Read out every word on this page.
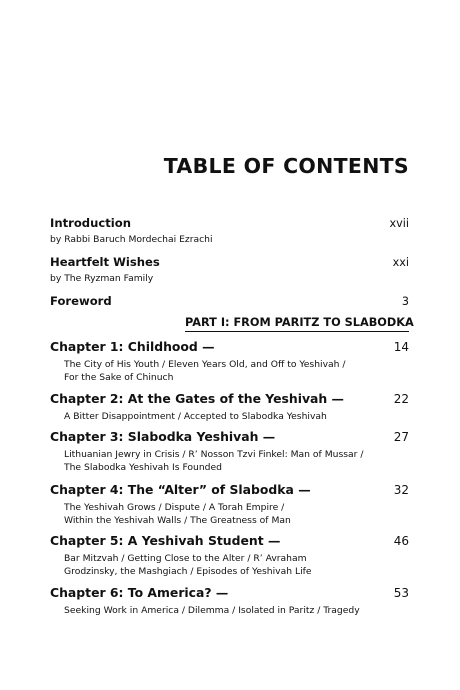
TABLE OF CONTENTS
Introduction	xvii
by Rabbi Baruch Mordechai Ezrachi
Heartfelt Wishes	xxi
by The Ryzman Family
Foreword	3
PART I: FROM PARITZ TO SLABODKA
Chapter 1: Childhood —	14
The City of His Youth / Eleven Years Old, and Off to Yeshivah /
For the Sake of Chinuch
Chapter 2: At the Gates of the Yeshivah —	22
A Bitter Disappointment / Accepted to Slabodka Yeshivah
Chapter 3: Slabodka Yeshivah —	27
Lithuanian Jewry in Crisis / R’ Nosson Tzvi Finkel: Man of Mussar /
The Slabodka Yeshivah Is Founded
Chapter 4: The “Alter” of Slabodka —	32
The Yeshivah Grows / Dispute / A Torah Empire /
Within the Yeshivah Walls / The Greatness of Man
Chapter 5: A Yeshivah Student —	46
Bar Mitzvah / Getting Close to the Alter / R’ Avraham
Grodzinsky, the Mashgiach / Episodes of Yeshivah Life
Chapter 6: To America? —	53
Seeking Work in America / Dilemma / Isolated in Paritz / Tragedy
